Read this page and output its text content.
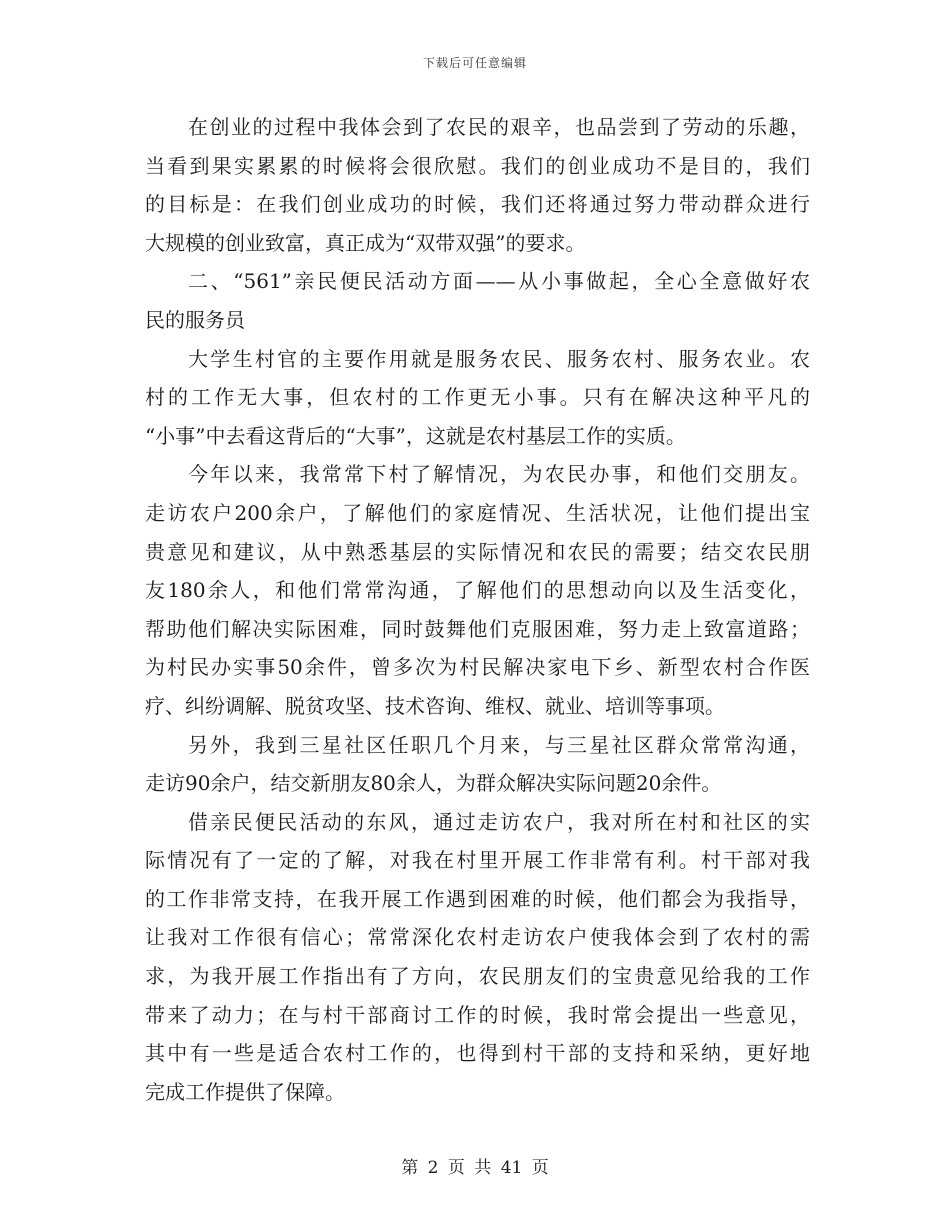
下载后可任意编辑
在创业的过程中我体会到了农民的艰辛，也品尝到了劳动的乐趣，
当看到果实累累的时候将会很欣慰。我们的创业成功不是目的，我们
的目标是：在我们创业成功的时候，我们还将通过努力带动群众进行
大规模的创业致富，真正成为“双带双强”的要求。
二、“561”亲民便民活动方面——从小事做起，全心全意做好农
民的服务员
大学生村官的主要作用就是服务农民、服务农村、服务农业。农
村的工作无大事，但农村的工作更无小事。只有在解决这种平凡的
“小事”中去看这背后的“大事”，这就是农村基层工作的实质。
今年以来，我常常下村了解情况，为农民办事，和他们交朋友。
走访农户200余户，了解他们的家庭情况、生活状况，让他们提出宝
贵意见和建议，从中熟悉基层的实际情况和农民的需要；结交农民朋
友180余人，和他们常常沟通，了解他们的思想动向以及生活变化，
帮助他们解决实际困难，同时鼓舞他们克服困难，努力走上致富道路；
为村民办实事50余件，曾多次为村民解决家电下乡、新型农村合作医
疗、纠纷调解、脱贫攻坚、技术咨询、维权、就业、培训等事项。
另外，我到三星社区任职几个月来，与三星社区群众常常沟通，
走访90余户，结交新朋友80余人，为群众解决实际问题20余件。
借亲民便民活动的东风，通过走访农户，我对所在村和社区的实
际情况有了一定的了解，对我在村里开展工作非常有利。村干部对我
的工作非常支持，在我开展工作遇到困难的时候，他们都会为我指导，
让我对工作很有信心；常常深化农村走访农户使我体会到了农村的需
求，为我开展工作指出有了方向，农民朋友们的宝贵意见给我的工作
带来了动力；在与村干部商讨工作的时候，我时常会提出一些意见，
其中有一些是适合农村工作的，也得到村干部的支持和采纳，更好地
完成工作提供了保障。
第 2 页 共 41 页
